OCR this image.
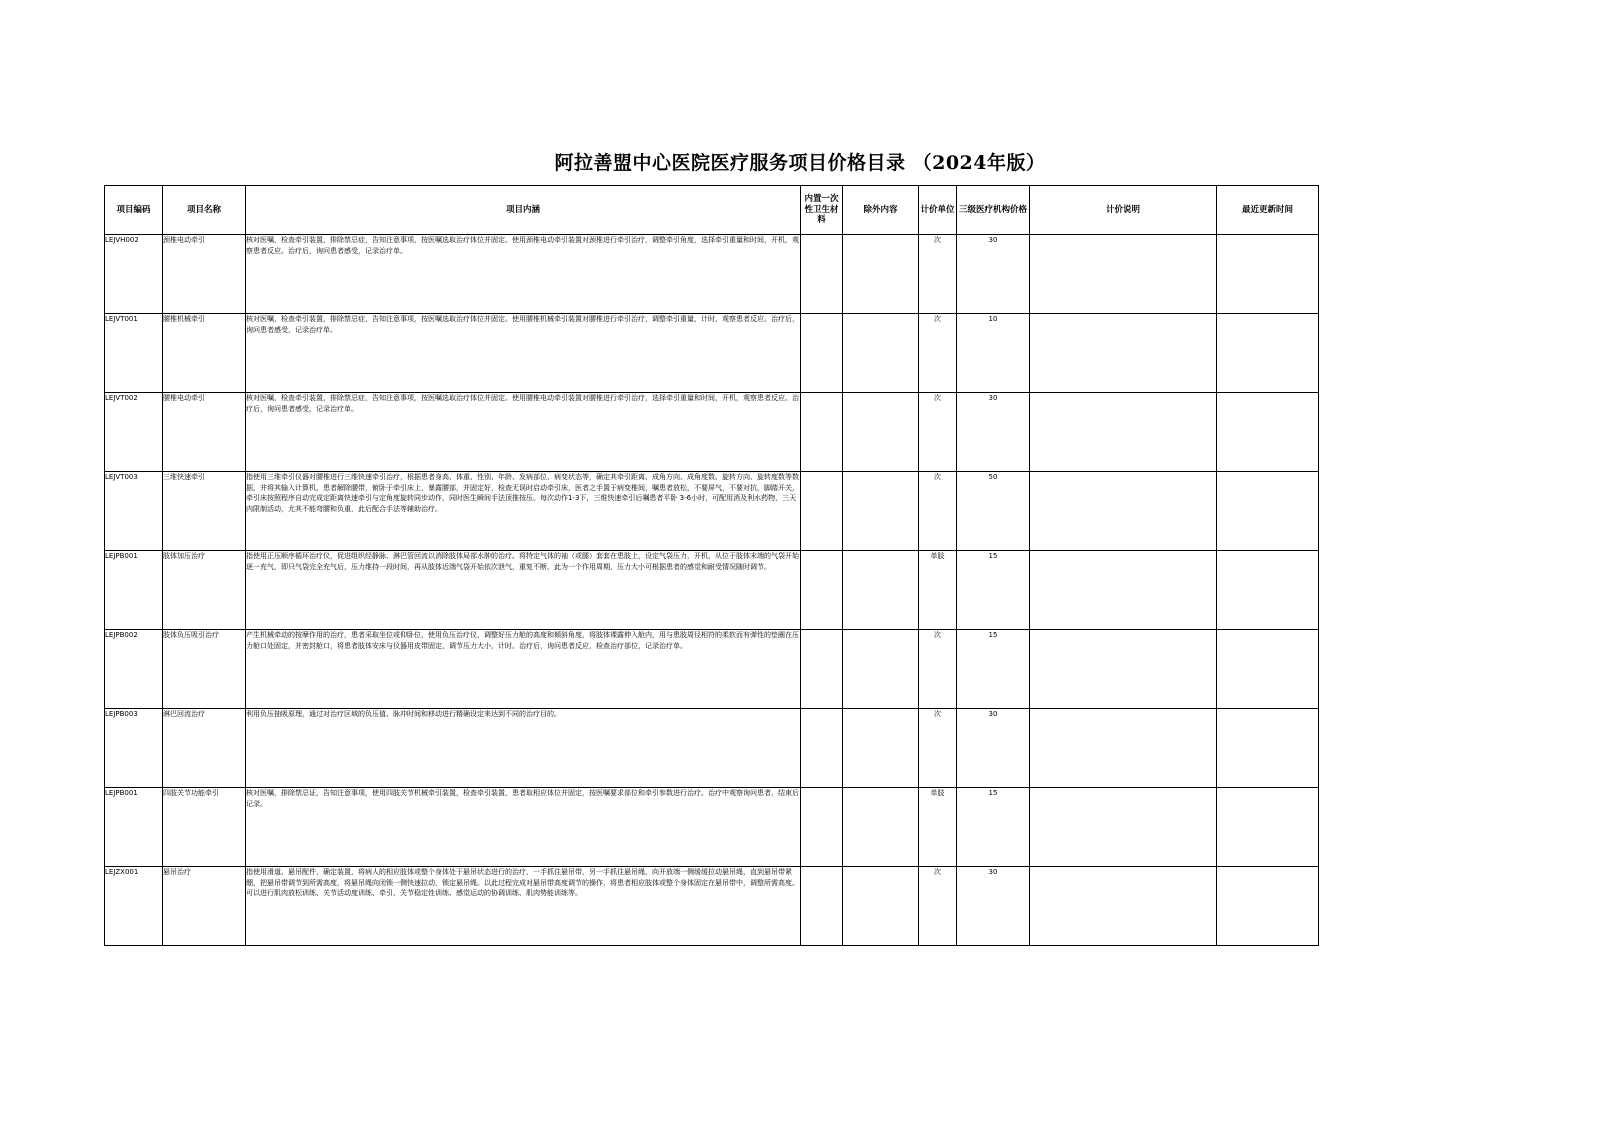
阿拉善盟中心医院医疗服务项目价格目录 （2024年版）
项目编码	项目名称	项目内涵	内置一次性卫生材料	除外内容	计价单位	三级医疗机构价格	计价说明	最近更新时间
LEJVH002	颈椎电动牵引	核对医嘱，检查牵引装置，排除禁忌症，告知注意事项，按医嘱选取治疗体位并固定。使用颈椎电动牵引装置对颈椎进行牵引治疗，调整牵引角度，选择牵引重量和时间，开机，观察患者反应。治疗后，询问患者感受，记录治疗单。			次	30		
LEJVT001	腰椎机械牵引	核对医嘱，检查牵引装置，排除禁忌症，告知注意事项，按医嘱选取治疗体位并固定。使用腰椎机械牵引装置对腰椎进行牵引治疗，调整牵引重量，计时，观察患者反应。治疗后，询问患者感受，记录治疗单。			次	10		
LEJVT002	腰椎电动牵引	核对医嘱，检查牵引装置，排除禁忌症，告知注意事项，按医嘱选取治疗体位并固定。使用腰椎电动牵引装置对腰椎进行牵引治疗，选择牵引重量和时间，开机，观察患者反应。治疗后，询问患者感受，记录治疗单。			次	30		
LEJVT003	三维快速牵引	指使用三维牵引仪器对腰椎进行三维快速牵引治疗，根据患者身高、体重、性别、年龄、发病部位、病变状态等，确定其牵引距离、成角方向、成角度数、旋转方向、旋转度数等数据，并将其输入计算机，患者解除腰带，俯卧于牵引床上，暴露腰部，并固定好，检查无误时启动牵引床，医者之手置于病变椎间，嘱患者放松，不要屏气，不要对抗，脚踏开关，牵引床按照程序自动完成定距离快速牵引与定角度旋转同步动作，同时医生瞬间手法顶推按压。每次动作1-3下，三维快速牵引后嘱患者平卧 3-6小时，可配用消及利水药物，三天内限制活动，尤其不能弯腰和负重，此后配合手法等辅助治疗。			次	50		
LEJPB001	肢体加压治疗	指使用正压顺序循环治疗仪，促进组织经静脉、淋巴管回流以消除肢体局部水肿的治疗。将特定气体的袖（或腿）套套在患肢上，设定气袋压力，开机，从位于肢体末端的气袋开始逐一充气，即只气袋完全充气后，压力维持一段时间，再从肢体近端气袋开始依次泄气，重复不断。此为一个作用周期，压力大小可根据患者的感觉和耐受情况随时调节。			单肢	15		
LEJPB002	肢体负压吸引治疗	产生机械牵动的按摩作用的治疗，患者采取坐位或仰卧位，使用负压治疗仪，调整好压力舱的高度和倾斜角度，将肢体裸露伸入舱内，用与患肢周径相符的柔软而有弹性的垫圈在压力舱口处固定，并密封舱口，将患者肢体安床与仪器用皮带固定，调节压力大小，计时。治疗后，询问患者反应，检查治疗部位，记录治疗单。			次	15		
LEJPB003	淋巴回流治疗	利用负压抽吸原理，通过对治疗区域的负压值、脉冲时间和移动进行精确设定来达到不同的治疗目的。			次	30		
LEJPB001	四肢关节功能牵引	核对医嘱，排除禁忌证，告知注意事项，使用四肢关节机械牵引装置，检查牵引装置，患者取相应体位并固定，按医嘱要求部位和牵引参数进行治疗。治疗中观察询问患者，结束后记录。			单肢	15		
LEJZX001	悬吊治疗	指使用滑道、悬吊配件，确定装置，将病人的相应肢体或整个身体处于悬吊状态进行的治疗，一手抓住悬吊带，另一手抓住悬吊绳，向开放端一侧缓缓拉动悬吊绳，直到悬吊带紧绷，把悬吊带调节到所需高度，将悬吊绳向闭锁一侧快速拉动，锁定悬吊绳。以此过程完成对悬吊带高度调节的操作，将患者相应肢体或整个身体固定在悬吊带中，调整所需高度。可以进行肌肉放松训练、关节活动度训练、牵引、关节稳定性训练、感觉运动的协调训练、肌肉势能训练等。			次	30		
